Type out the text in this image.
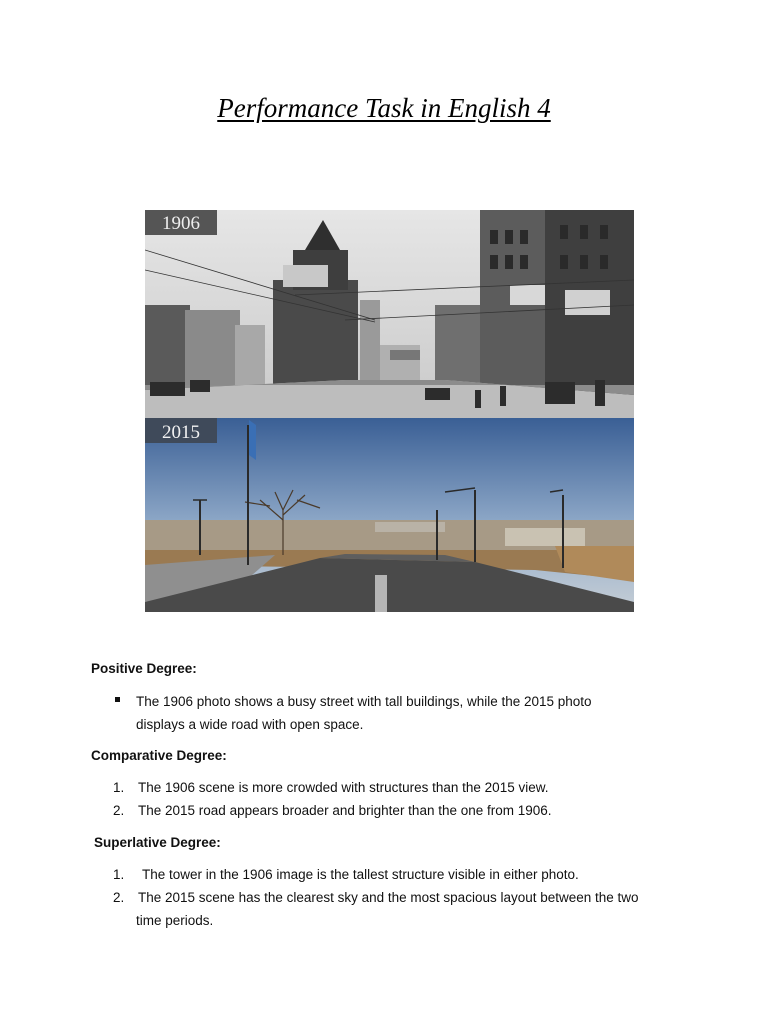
Performance Task in English 4
1906
2015
Positive Degree:
The 1906 photo shows a busy street with tall buildings, while the 2015 photo
displays a wide road with open space.
Comparative Degree:
1. The 1906 scene is more crowded with structures than the 2015 view.
2. The 2015 road appears broader and brighter than the one from 1906.
Superlative Degree:
1. The tower in the 1906 image is the tallest structure visible in either photo.
2. The 2015 scene has the clearest sky and the most spacious layout between the two
time periods.
